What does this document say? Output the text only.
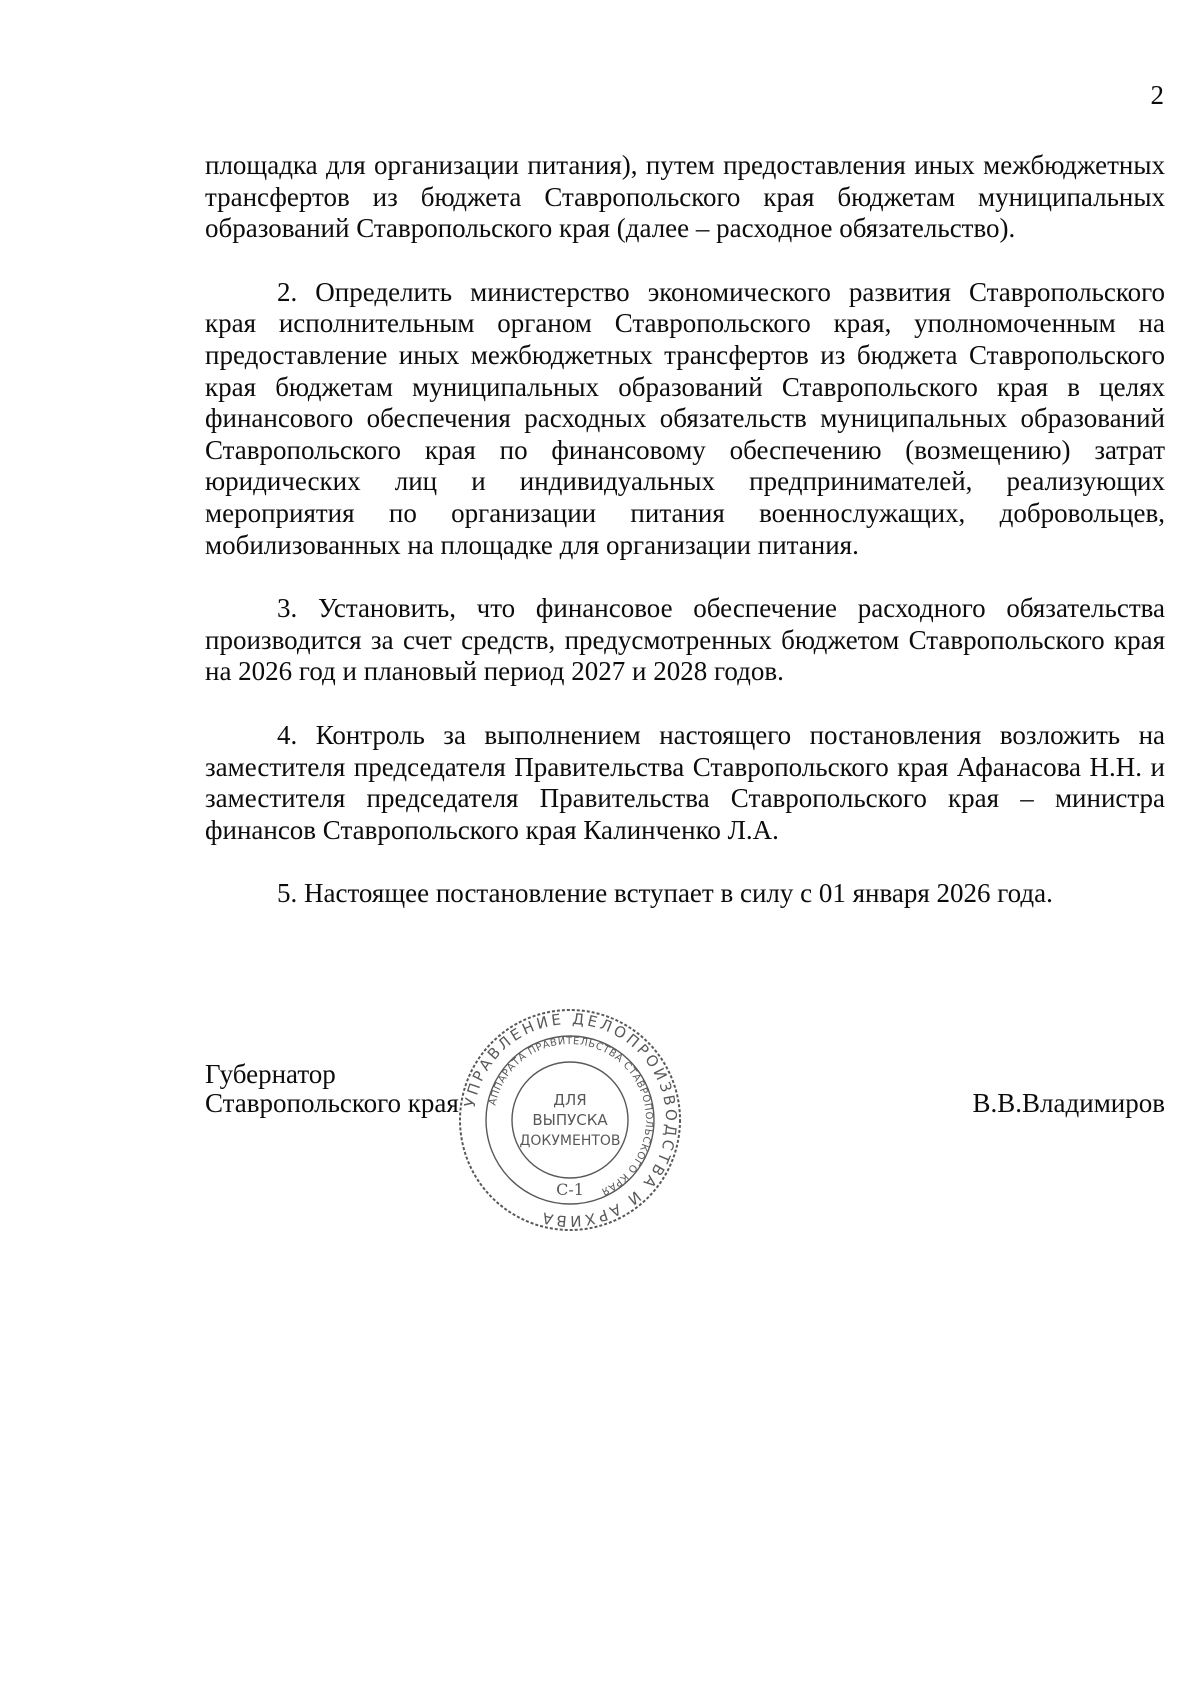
2

площадка для организации питания), путем предоставления иных межбюджетных трансфертов из бюджета Ставропольского края бюджетам муниципальных образований Ставропольского края (далее – расходное обязательство).

2. Определить министерство экономического развития Ставропольского края исполнительным органом Ставропольского края, уполномоченным на предоставление иных межбюджетных трансфертов из бюджета Ставропольского края бюджетам муниципальных образований Ставропольского края в целях финансового обеспечения расходных обязательств муниципальных образований Ставропольского края по финансовому обеспечению (возмещению) затрат юридических лиц и индивидуальных предпринимателей, реализующих мероприятия по организации питания военнослужащих, добровольцев, мобилизованных на площадке для организации питания.

3. Установить, что финансовое обеспечение расходного обязательства производится за счет средств, предусмотренных бюджетом Ставропольского края на 2026 год и плановый период 2027 и 2028 годов.

4. Контроль за выполнением настоящего постановления возложить на заместителя председателя Правительства Ставропольского края Афанасова Н.Н. и заместителя председателя Правительства Ставропольского края – министра финансов Ставропольского края Калинченко Л.А.

5. Настоящее постановление вступает в силу с 01 января 2026 года.

Губернатор
Ставропольского края	В.В.Владимиров
УПРАВЛЕНИЕ ДЕЛОПРОИЗВОДСТВА И АРХИВА
АППАРАТА ПРАВИТЕЛЬСТВА СТАВРОПОЛЬСКОГО КРАЯ
ДЛЯ
ВЫПУСКА
ДОКУМЕНТОВ
С-1
